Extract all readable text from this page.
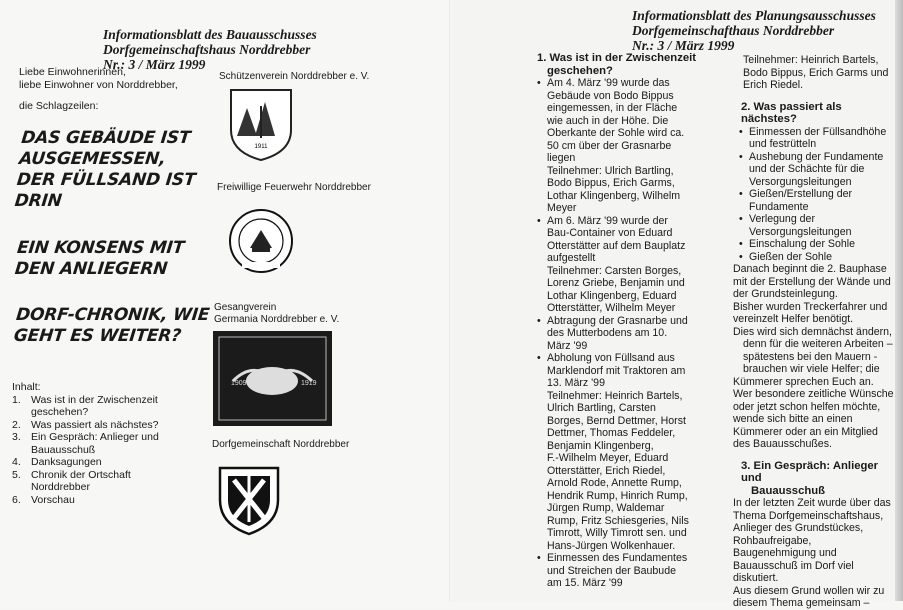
Informationsblatt des Bauausschusses
Dorfgemeinschaftshaus Norddrebber
Nr.: 3 / März 1999
Liebe Einwohnerinnen,
liebe Einwohner von Norddrebber,
die Schlagzeilen:
DAS GEBÄUDE IST
AUSGEMESSEN,
DER FÜLLSAND IST
DRIN
EIN KONSENS MIT
DEN ANLIEGERN
DORF-CHRONIK, WIE
GEHT ES WEITER?
Inhalt:
1. Was ist in der Zwischenzeit
geschehen?
2. Was passiert als nächstes?
3. Ein Gespräch: Anlieger und
Bauausschuß
4. Danksagungen
5. Chronik der Ortschaft
Norddrebber
6. Vorschau
Schützenverein Norddrebber e. V.
1911
Freiwillige Feuerwehr Norddrebber
Gesangverein
Germania Norddrebber e. V.
1909	1919
Dorfgemeinschaft Norddrebber
Informationsblatt des Planungsausschusses
Dorfgemeinschafthaus Norddrebber
Nr.: 3 / März 1999
1. Was ist in der Zwischenzeit
geschehen?
• Am 4. März '99 wurde das
Gebäude von Bodo Bippus
eingemessen, in der Fläche
wie auch in der Höhe. Die
Oberkante der Sohle wird ca.
50 cm über der Grasnarbe
liegen
Teilnehmer: Ulrich Bartling,
Bodo Bippus, Erich Garms,
Lothar Klingenberg, Wilhelm
Meyer
• Am 6. März '99 wurde der
Bau-Container von Eduard
Otterstätter auf dem Bauplatz
aufgestellt
Teilnehmer: Carsten Borges,
Lorenz Griebe, Benjamin und
Lothar Klingenberg, Eduard
Otterstätter, Wilhelm Meyer
• Abtragung der Grasnarbe und
des Mutterbodens am 10.
März '99
• Abholung von Füllsand aus
Marklendorf mit Traktoren am
13. März '99
Teilnehmer: Heinrich Bartels,
Ulrich Bartling, Carsten
Borges, Bernd Dettmer, Horst
Dettmer, Thomas Feddeler,
Benjamin Klingenberg,
F.-Wilhelm Meyer, Eduard
Otterstätter, Erich Riedel,
Arnold Rode, Annette Rump,
Hendrik Rump, Hinrich Rump,
Jürgen Rump, Waldemar
Rump, Fritz Schiesgeries, Nils
Timrott, Willy Timrott sen. und
Hans-Jürgen Wolkenhauer.
• Einmessen des Fundamentes
und Streichen der Baubude
am 15. März '99
Teilnehmer: Heinrich Bartels,
Bodo Bippus, Erich Garms und
Erich Riedel.
2. Was passiert als nächstes?
• Einmessen der Füllsandhöhe
und festrütteln
• Aushebung der Fundamente
und der Schächte für die
Versorgungsleitungen
• Gießen/Erstellung der
Fundamente
• Verlegung der
Versorgungsleitungen
• Einschalung der Sohle
• Gießen der Sohle
Danach beginnt die 2. Bauphase
mit der Erstellung der Wände und
der Grundsteinlegung.
Bisher wurden Treckerfahrer und
vereinzelt Helfer benötigt.
Dies wird sich demnächst ändern,
denn für die weiteren Arbeiten –
spätestens bei den Mauern -
brauchen wir viele Helfer; die
Kümmerer sprechen Euch an.
Wer besondere zeitliche Wünsche
oder jetzt schon helfen möchte,
wende sich bitte an einen
Kümmerer oder an ein Mitglied
des Bauausschußes.
3. Ein Gespräch: Anlieger und
Bauausschuß
In der letzten Zeit wurde über das
Thema Dorfgemeinschaftshaus,
Anlieger des Grundstückes,
Rohbaufreigabe,
Baugenehmigung und
Bauausschuß im Dorf viel
diskutiert.
Aus diesem Grund wollen wir zu
diesem Thema gemeinsam –
